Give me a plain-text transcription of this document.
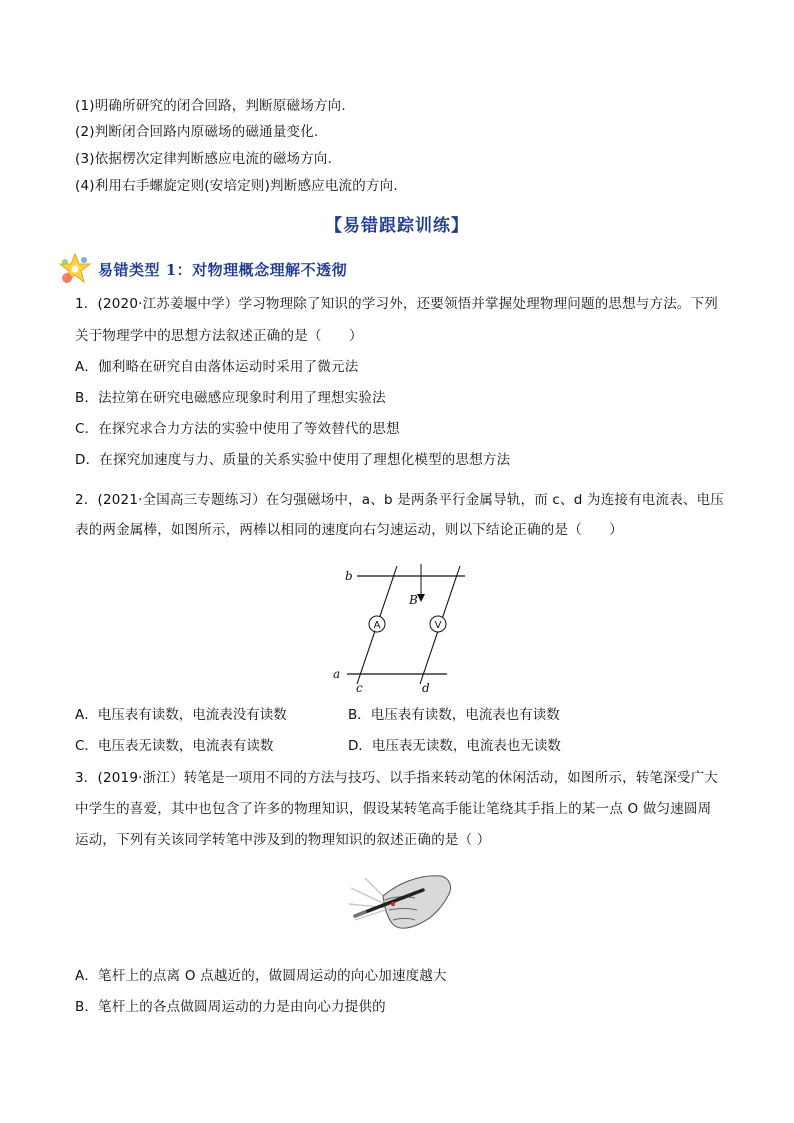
(1)明确所研究的闭合回路，判断原磁场方向.
(2)判断闭合回路内原磁场的磁通量变化.
(3)依据楞次定律判断感应电流的磁场方向.
(4)利用右手螺旋定则(安培定则)判断感应电流的方向.
【易错跟踪训练】
易错类型 1：对物理概念理解不透彻
1．(2020·江苏姜堰中学）学习物理除了知识的学习外，还要领悟并掌握处理物理问题的思想与方法。下列
关于物理学中的思想方法叙述正确的是（　　）
A．伽利略在研究自由落体运动时采用了微元法
B．法拉第在研究电磁感应现象时利用了理想实验法
C．在探究求合力方法的实验中使用了等效替代的思想
D．在探究加速度与力、质量的关系实验中使用了理想化模型的思想方法
2．(2021·全国高三专题练习）在匀强磁场中，a、b 是两条平行金属导轨，而 c、d 为连接有电流表、电压
表的两金属棒，如图所示，两棒以相同的速度向右匀速运动，则以下结论正确的是（　　）
A	V
B
b
a
c	d
A．电压表有读数，电流表没有读数	B．电压表有读数，电流表也有读数
C．电压表无读数，电流表有读数	D．电压表无读数，电流表也无读数
3．(2019·浙江）转笔是一项用不同的方法与技巧、以手指来转动笔的休闲活动，如图所示，转笔深受广大
中学生的喜爱，其中也包含了许多的物理知识，假设某转笔高手能让笔绕其手指上的某一点 O 做匀速圆周
运动，下列有关该同学转笔中涉及到的物理知识的叙述正确的是（ ）
A．笔杆上的点离 O 点越近的，做圆周运动的向心加速度越大
B．笔杆上的各点做圆周运动的力是由向心力提供的
